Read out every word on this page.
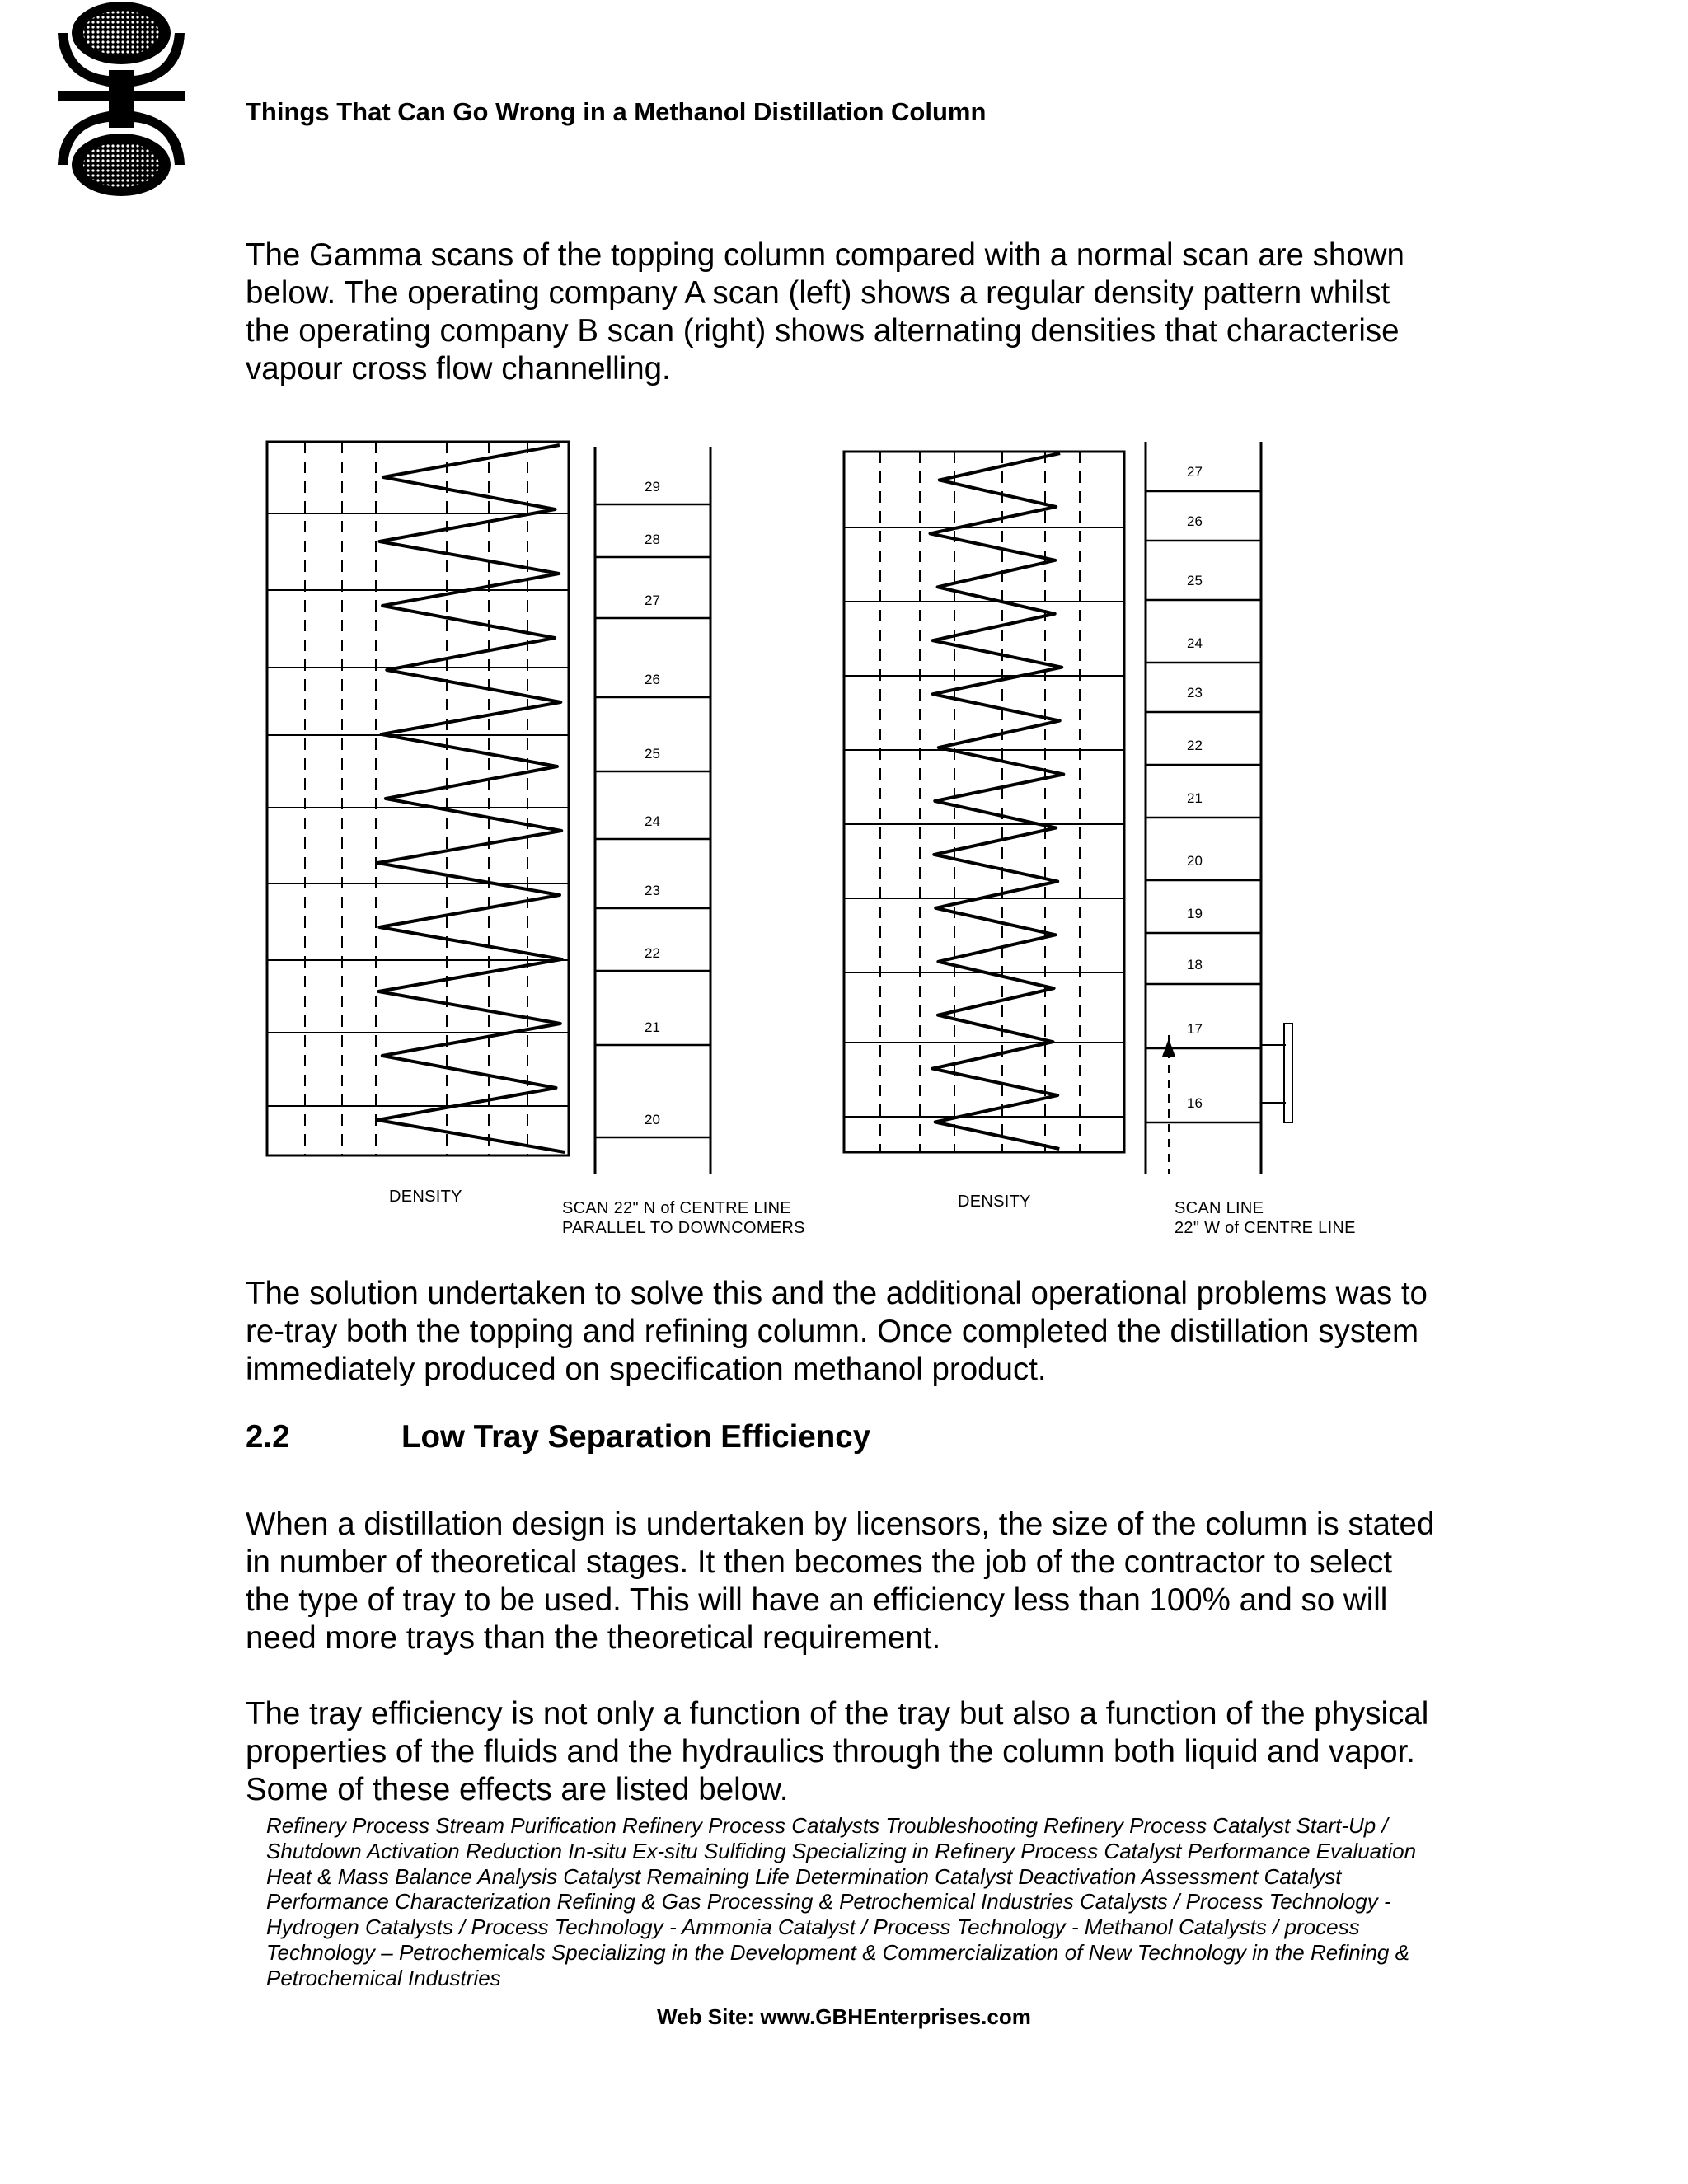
Things That Can Go Wrong in a Methanol Distillation Column

The Gamma scans of the topping column compared with a normal scan are shown below. The operating company A scan (left) shows a regular density pattern whilst the operating company B scan (right) shows alternating densities that characterise vapour cross flow channelling.

29
28
27
26
25
24
23
22
21
20
27
26
25
24
23
22
21
20
19
18
17
16
DENSITY
SCAN 22" N of CENTRE LINE
PARALLEL TO DOWNCOMERS
DENSITY	SCAN LINE
22" W of CENTRE LINE

The solution undertaken to solve this and the additional operational problems was to re-tray both the topping and refining column. Once completed the distillation system immediately produced on specification methanol product.

2.2	Low Tray Separation Efficiency

When a distillation design is undertaken by licensors, the size of the column is stated in number of theoretical stages. It then becomes the job of the contractor to select the type of tray to be used. This will have an efficiency less than 100% and so will need more trays than the theoretical requirement.

The tray efficiency is not only a function of the tray but also a function of the physical properties of the fluids and the hydraulics through the column both liquid and vapor. Some of these effects are listed below.

Refinery Process Stream Purification Refinery Process Catalysts Troubleshooting Refinery Process Catalyst Start-Up / Shutdown Activation Reduction In-situ Ex-situ Sulfiding Specializing in Refinery Process Catalyst Performance Evaluation Heat & Mass Balance Analysis Catalyst Remaining Life Determination Catalyst Deactivation Assessment Catalyst Performance Characterization Refining & Gas Processing & Petrochemical Industries Catalysts / Process Technology - Hydrogen Catalysts / Process Technology - Ammonia Catalyst / Process Technology - Methanol Catalysts / process Technology – Petrochemicals Specializing in the Development & Commercialization of New Technology in the Refining & Petrochemical Industries

Web Site: www.GBHEnterprises.com
